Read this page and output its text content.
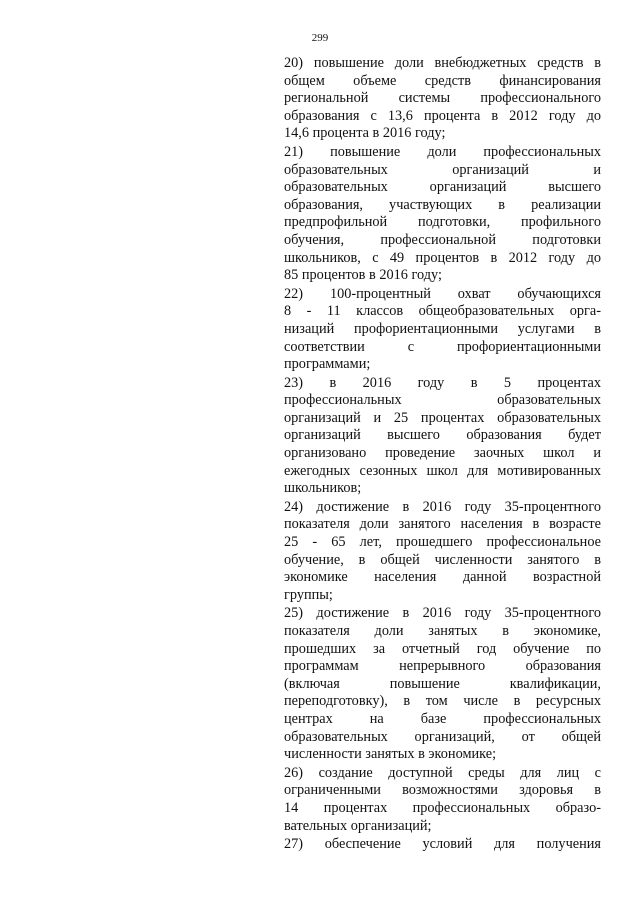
299
20) повышение доли внебюджетных средств в
общем объеме средств финансирования
региональной системы профессионального
образования с 13,6 процента в 2012 году до
14,6 процента в 2016 году;
21) повышение доли профессиональных
образовательных организаций и
образовательных организаций высшего
образования, участвующих в реализации
предпрофильной подготовки, профильного
обучения, профессиональной подготовки
школьников, с 49 процентов в 2012 году до
85 процентов в 2016 году;
22) 100-процентный охват обучающихся
8 - 11 классов общеобразовательных орга-
низаций профориентационными услугами в
соответствии с профориентационными
программами;
23) в 2016 году в 5 процентах
профессиональных образовательных
организаций и 25 процентах образовательных
организаций высшего образования будет
организовано проведение заочных школ и
ежегодных сезонных школ для мотивированных
школьников;
24) достижение в 2016 году 35-процентного
показателя доли занятого населения в возрасте
25 - 65 лет, прошедшего профессиональное
обучение, в общей численности занятого в
экономике населения данной возрастной
группы;
25) достижение в 2016 году 35-процентного
показателя доли занятых в экономике,
прошедших за отчетный год обучение по
программам непрерывного образования
(включая повышение квалификации,
переподготовку), в том числе в ресурсных
центрах на базе профессиональных
образовательных организаций, от общей
численности занятых в экономике;
26) создание доступной среды для лиц с
ограниченными возможностями здоровья в
14 процентах профессиональных образо-
вательных организаций;
27) обеспечение условий для получения
